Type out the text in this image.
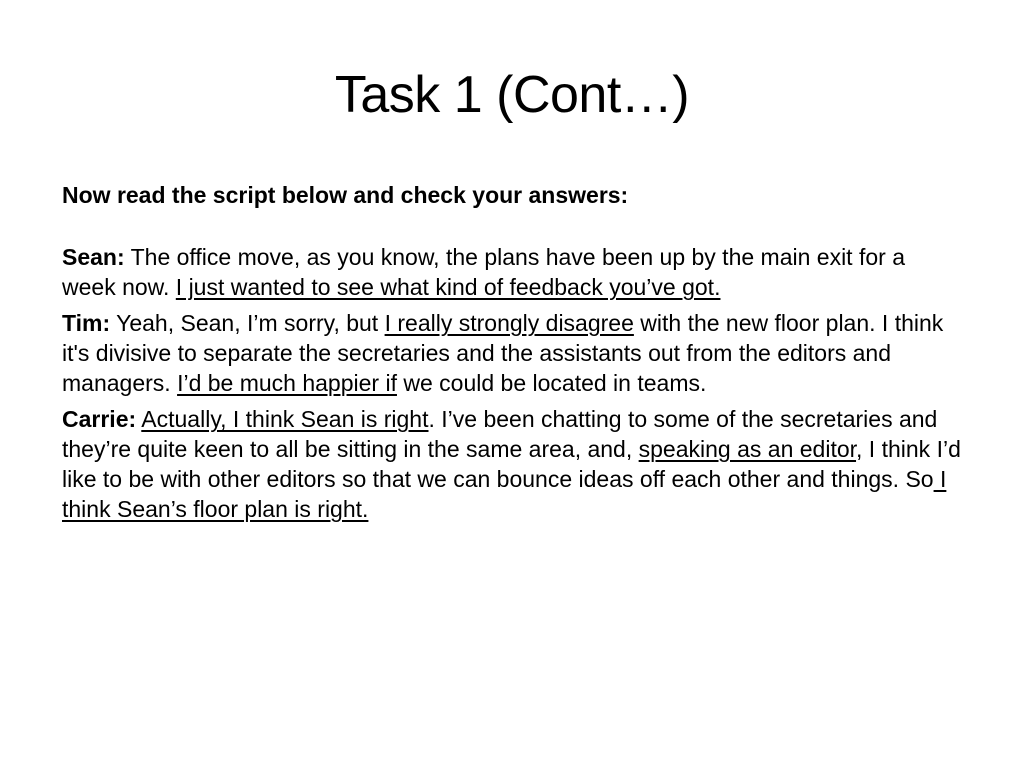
Task 1 (Cont…)

Now read the script below and check your answers:

Sean: The office move, as you know, the plans have been up by the main exit for a week now. I just wanted to see what kind of feedback you’ve got.

Tim: Yeah, Sean, I’m sorry, but I really strongly disagree with the new floor plan. I think it's divisive to separate the secretaries and the assistants out from the editors and managers. I’d be much happier if we could be located in teams.

Carrie: Actually, I think Sean is right. I’ve been chatting to some of the secretaries and they’re quite keen to all be sitting in the same area, and, speaking as an editor, I think I’d like to be with other editors so that we can bounce ideas off each other and things. So I think Sean’s floor plan is right.
